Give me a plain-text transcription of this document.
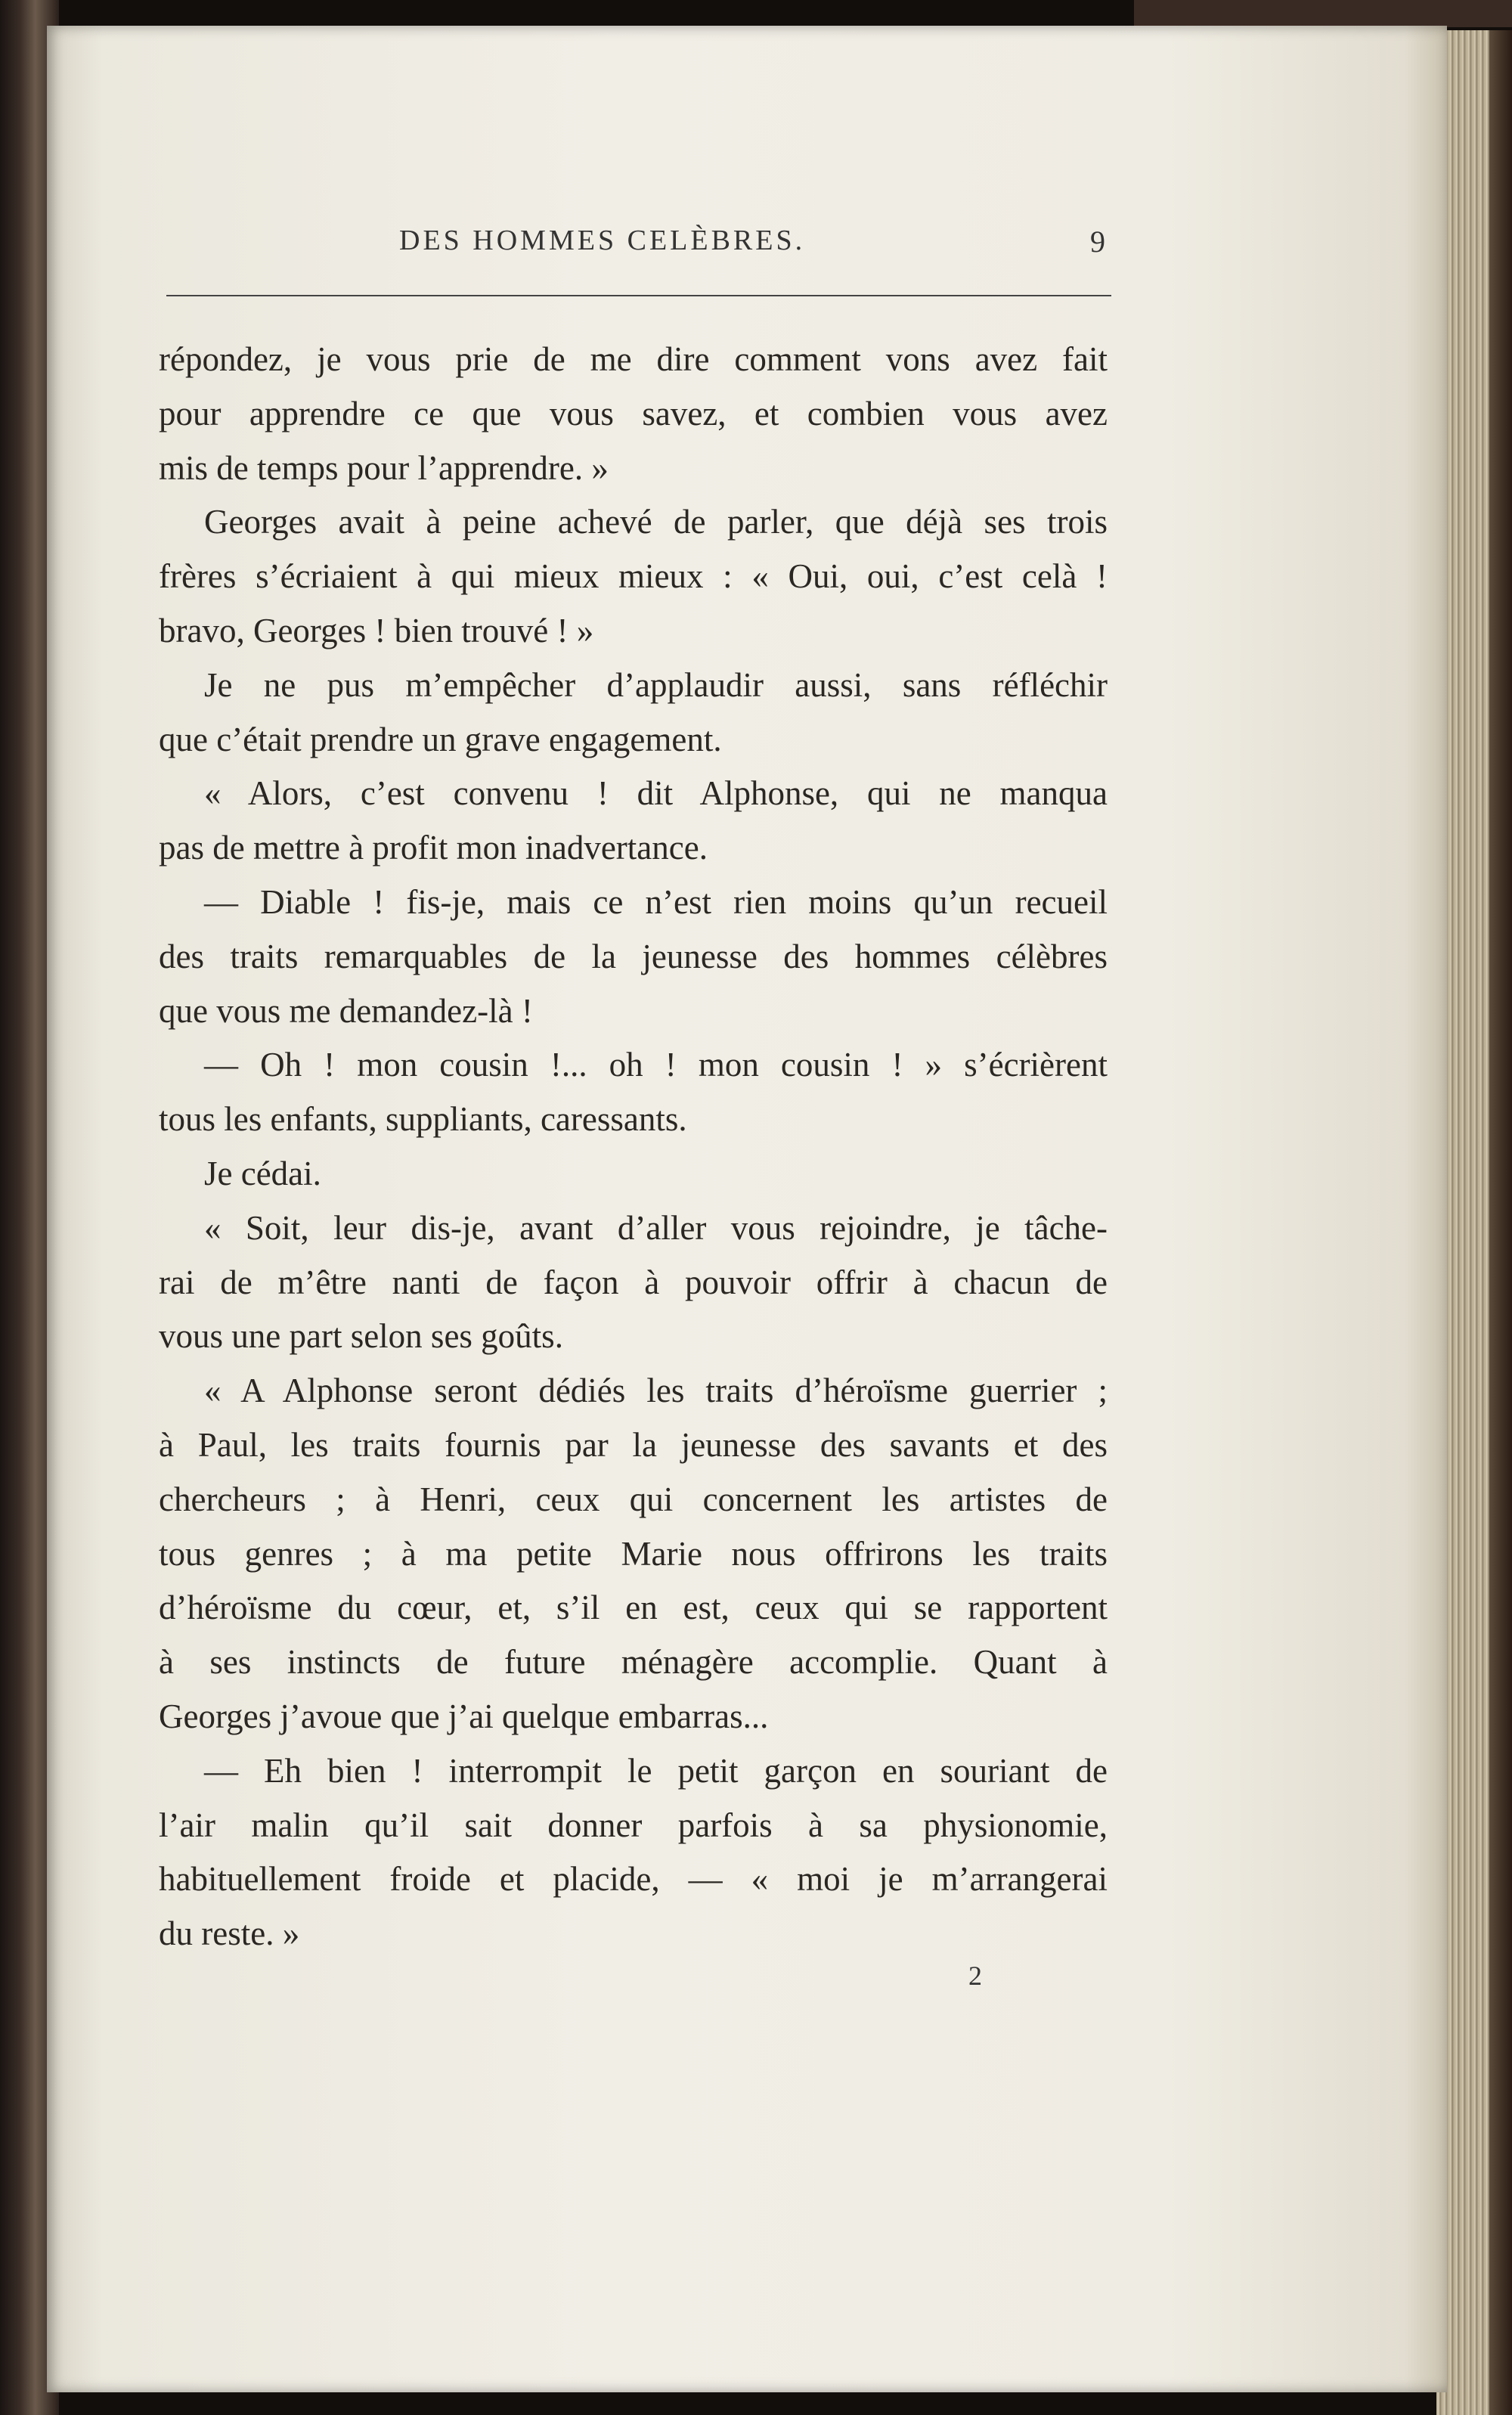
DES HOMMES CELÈBRES.	9
répondez, je vous prie de me dire comment vons avez fait
pour apprendre ce que vous savez, et combien vous avez
mis de temps pour l’apprendre. »
Georges avait à peine achevé de parler, que déjà ses trois
frères s’écriaient à qui mieux mieux : « Oui, oui, c’est celà !
bravo, Georges ! bien trouvé ! »
Je ne pus m’empêcher d’applaudir aussi, sans réfléchir
que c’était prendre un grave engagement.
« Alors, c’est convenu ! dit Alphonse, qui ne manqua
pas de mettre à profit mon inadvertance.
— Diable ! fis-je, mais ce n’est rien moins qu’un recueil
des traits remarquables de la jeunesse des hommes célèbres
que vous me demandez-là !
— Oh ! mon cousin !... oh ! mon cousin ! » s’écrièrent
tous les enfants, suppliants, caressants.
Je cédai.
« Soit, leur dis-je, avant d’aller vous rejoindre, je tâche-
rai de m’être nanti de façon à pouvoir offrir à chacun de
vous une part selon ses goûts.
« A Alphonse seront dédiés les traits d’héroïsme guerrier ;
à Paul, les traits fournis par la jeunesse des savants et des
chercheurs ; à Henri, ceux qui concernent les artistes de
tous genres ; à ma petite Marie nous offrirons les traits
d’héroïsme du cœur, et, s’il en est, ceux qui se rapportent
à ses instincts de future ménagère accomplie. Quant à
Georges j’avoue que j’ai quelque embarras...
— Eh bien ! interrompit le petit garçon en souriant de
l’air malin qu’il sait donner parfois à sa physionomie,
habituellement froide et placide, — « moi je m’arrangerai
du reste. »
2
